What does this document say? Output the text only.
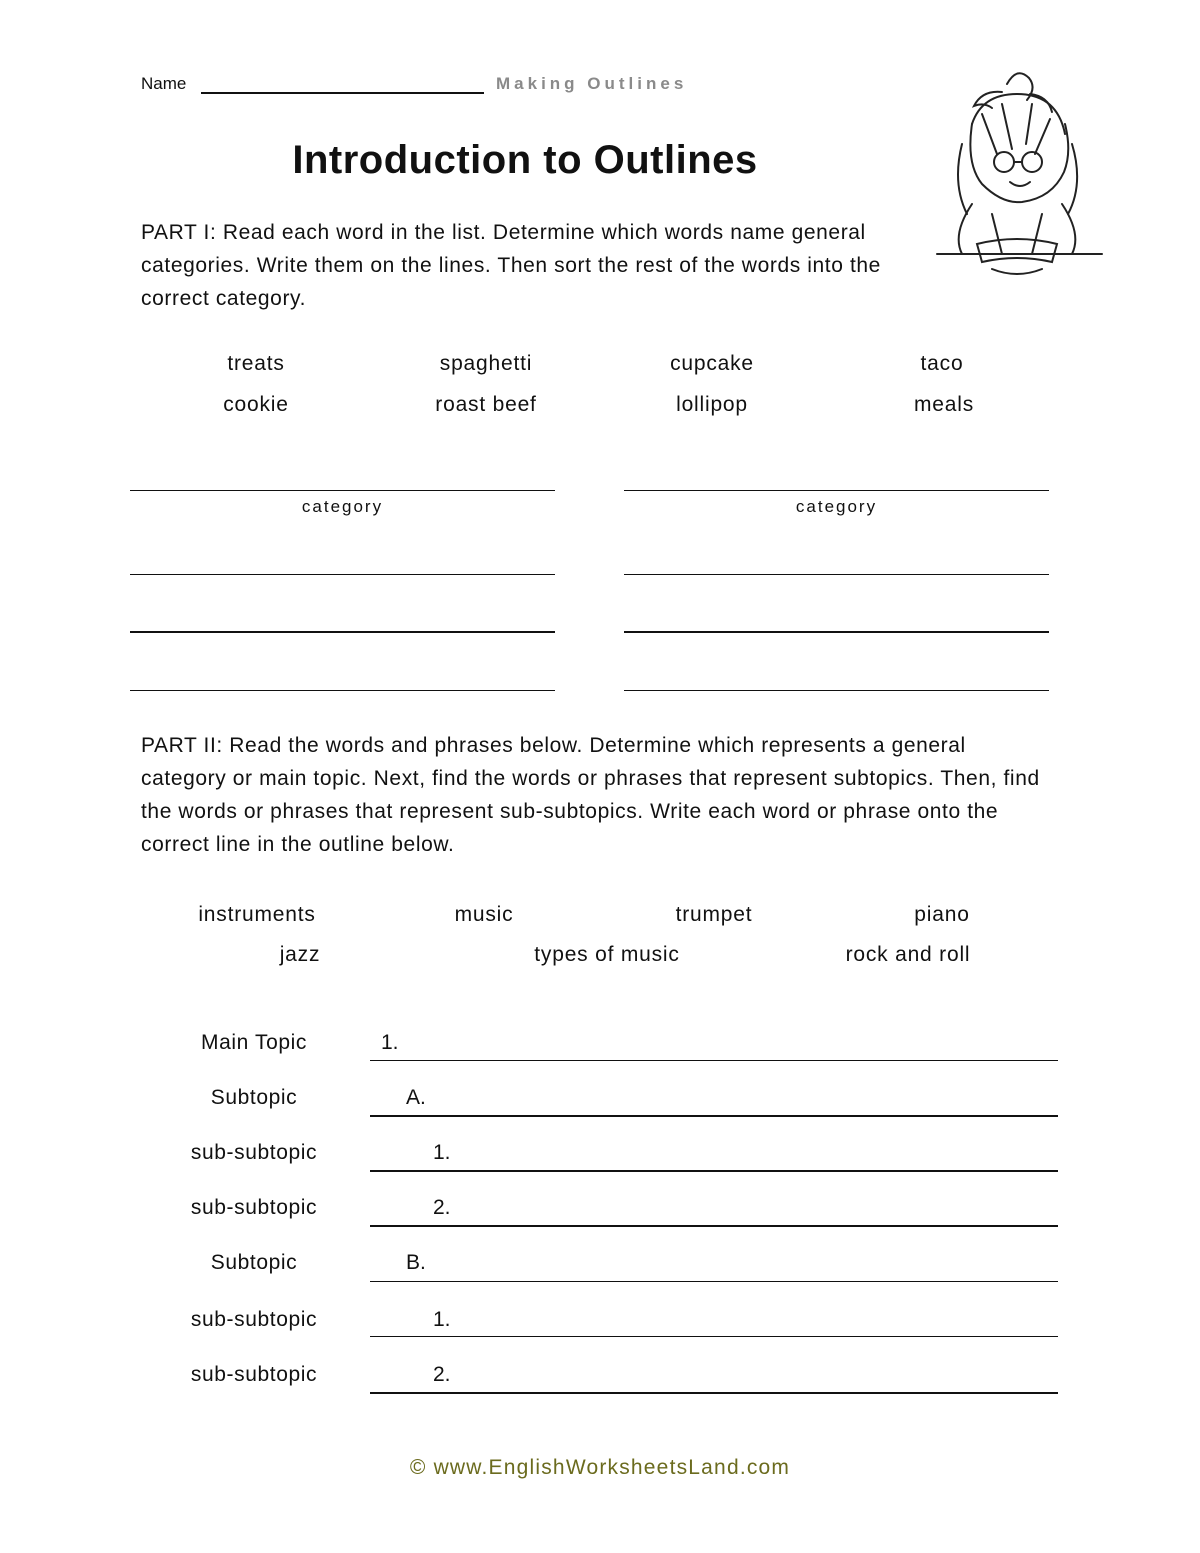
Name	Making Outlines
Introduction to Outlines
PART I: Read each word in the list. Determine which words name general categories. Write them on the lines. Then sort the rest of the words into the correct category.
treats	spaghetti	cupcake	taco
cookie	roast beef	lollipop	meals
category	category
PART II: Read the words and phrases below. Determine which represents a general category or main topic. Next, find the words or phrases that represent subtopics. Then, find the words or phrases that represent sub-subtopics. Write each word or phrase onto the correct line in the outline below.
instruments	music	trumpet	piano
jazz	types of music	rock and roll
Main Topic	1.
Subtopic	A.
sub-subtopic	1.
sub-subtopic	2.
Subtopic	B.
sub-subtopic	1.
sub-subtopic	2.
© www.EnglishWorksheetsLand.com
